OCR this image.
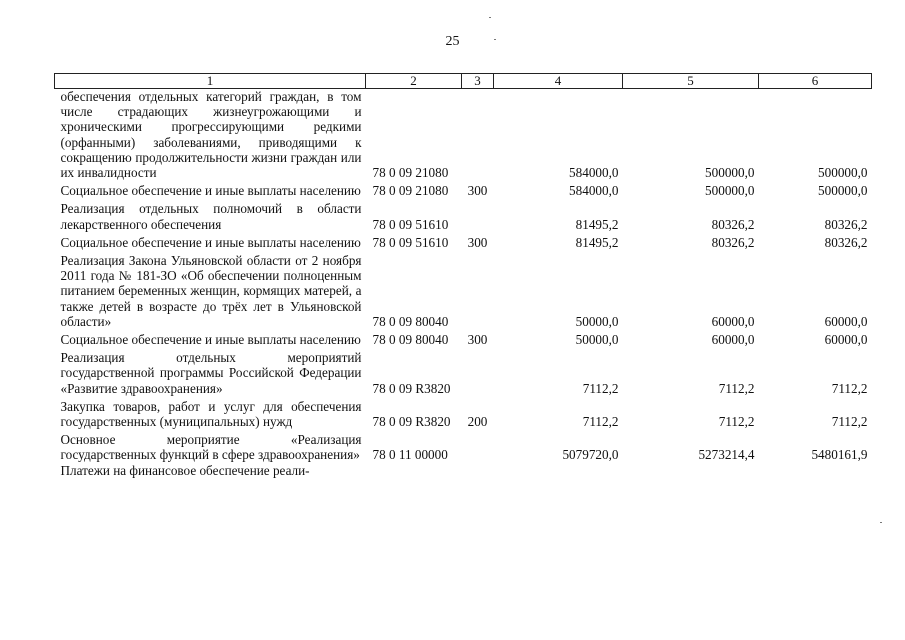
25
1	2	3	4	5	6
обеспечения отдельных категорий граждан, в том числе страдающих жизнеугрожающими и хроническими прогрессирующими редкими (орфанными) заболеваниями, приводящими к сокращению продолжительности жизни граждан или их инвалидности	78 0 09 21080		584000,0	500000,0	500000,0
Социальное обеспечение и иные выплаты населению	78 0 09 21080	300	584000,0	500000,0	500000,0
Реализация отдельных полномочий в области лекарственного обеспечения	78 0 09 51610		81495,2	80326,2	80326,2
Социальное обеспечение и иные выплаты населению	78 0 09 51610	300	81495,2	80326,2	80326,2
Реализация Закона Ульяновской области от 2 ноября 2011 года № 181-ЗО «Об обеспечении полноценным питанием беременных женщин, кормящих матерей, а также детей в возрасте до трёх лет в Ульяновской области»	78 0 09 80040		50000,0	60000,0	60000,0
Социальное обеспечение и иные выплаты населению	78 0 09 80040	300	50000,0	60000,0	60000,0
Реализация отдельных мероприятий государственной программы Российской Федерации «Развитие здравоохранения»	78 0 09 R3820		7112,2	7112,2	7112,2
Закупка товаров, работ и услуг для обеспечения государственных (муниципальных) нужд	78 0 09 R3820	200	7112,2	7112,2	7112,2
Основное мероприятие «Реализация государственных функций в сфере здравоохранения»	78 0 11 00000		5079720,0	5273214,4	5480161,9
Платежи на финансовое обеспечение реали-					
